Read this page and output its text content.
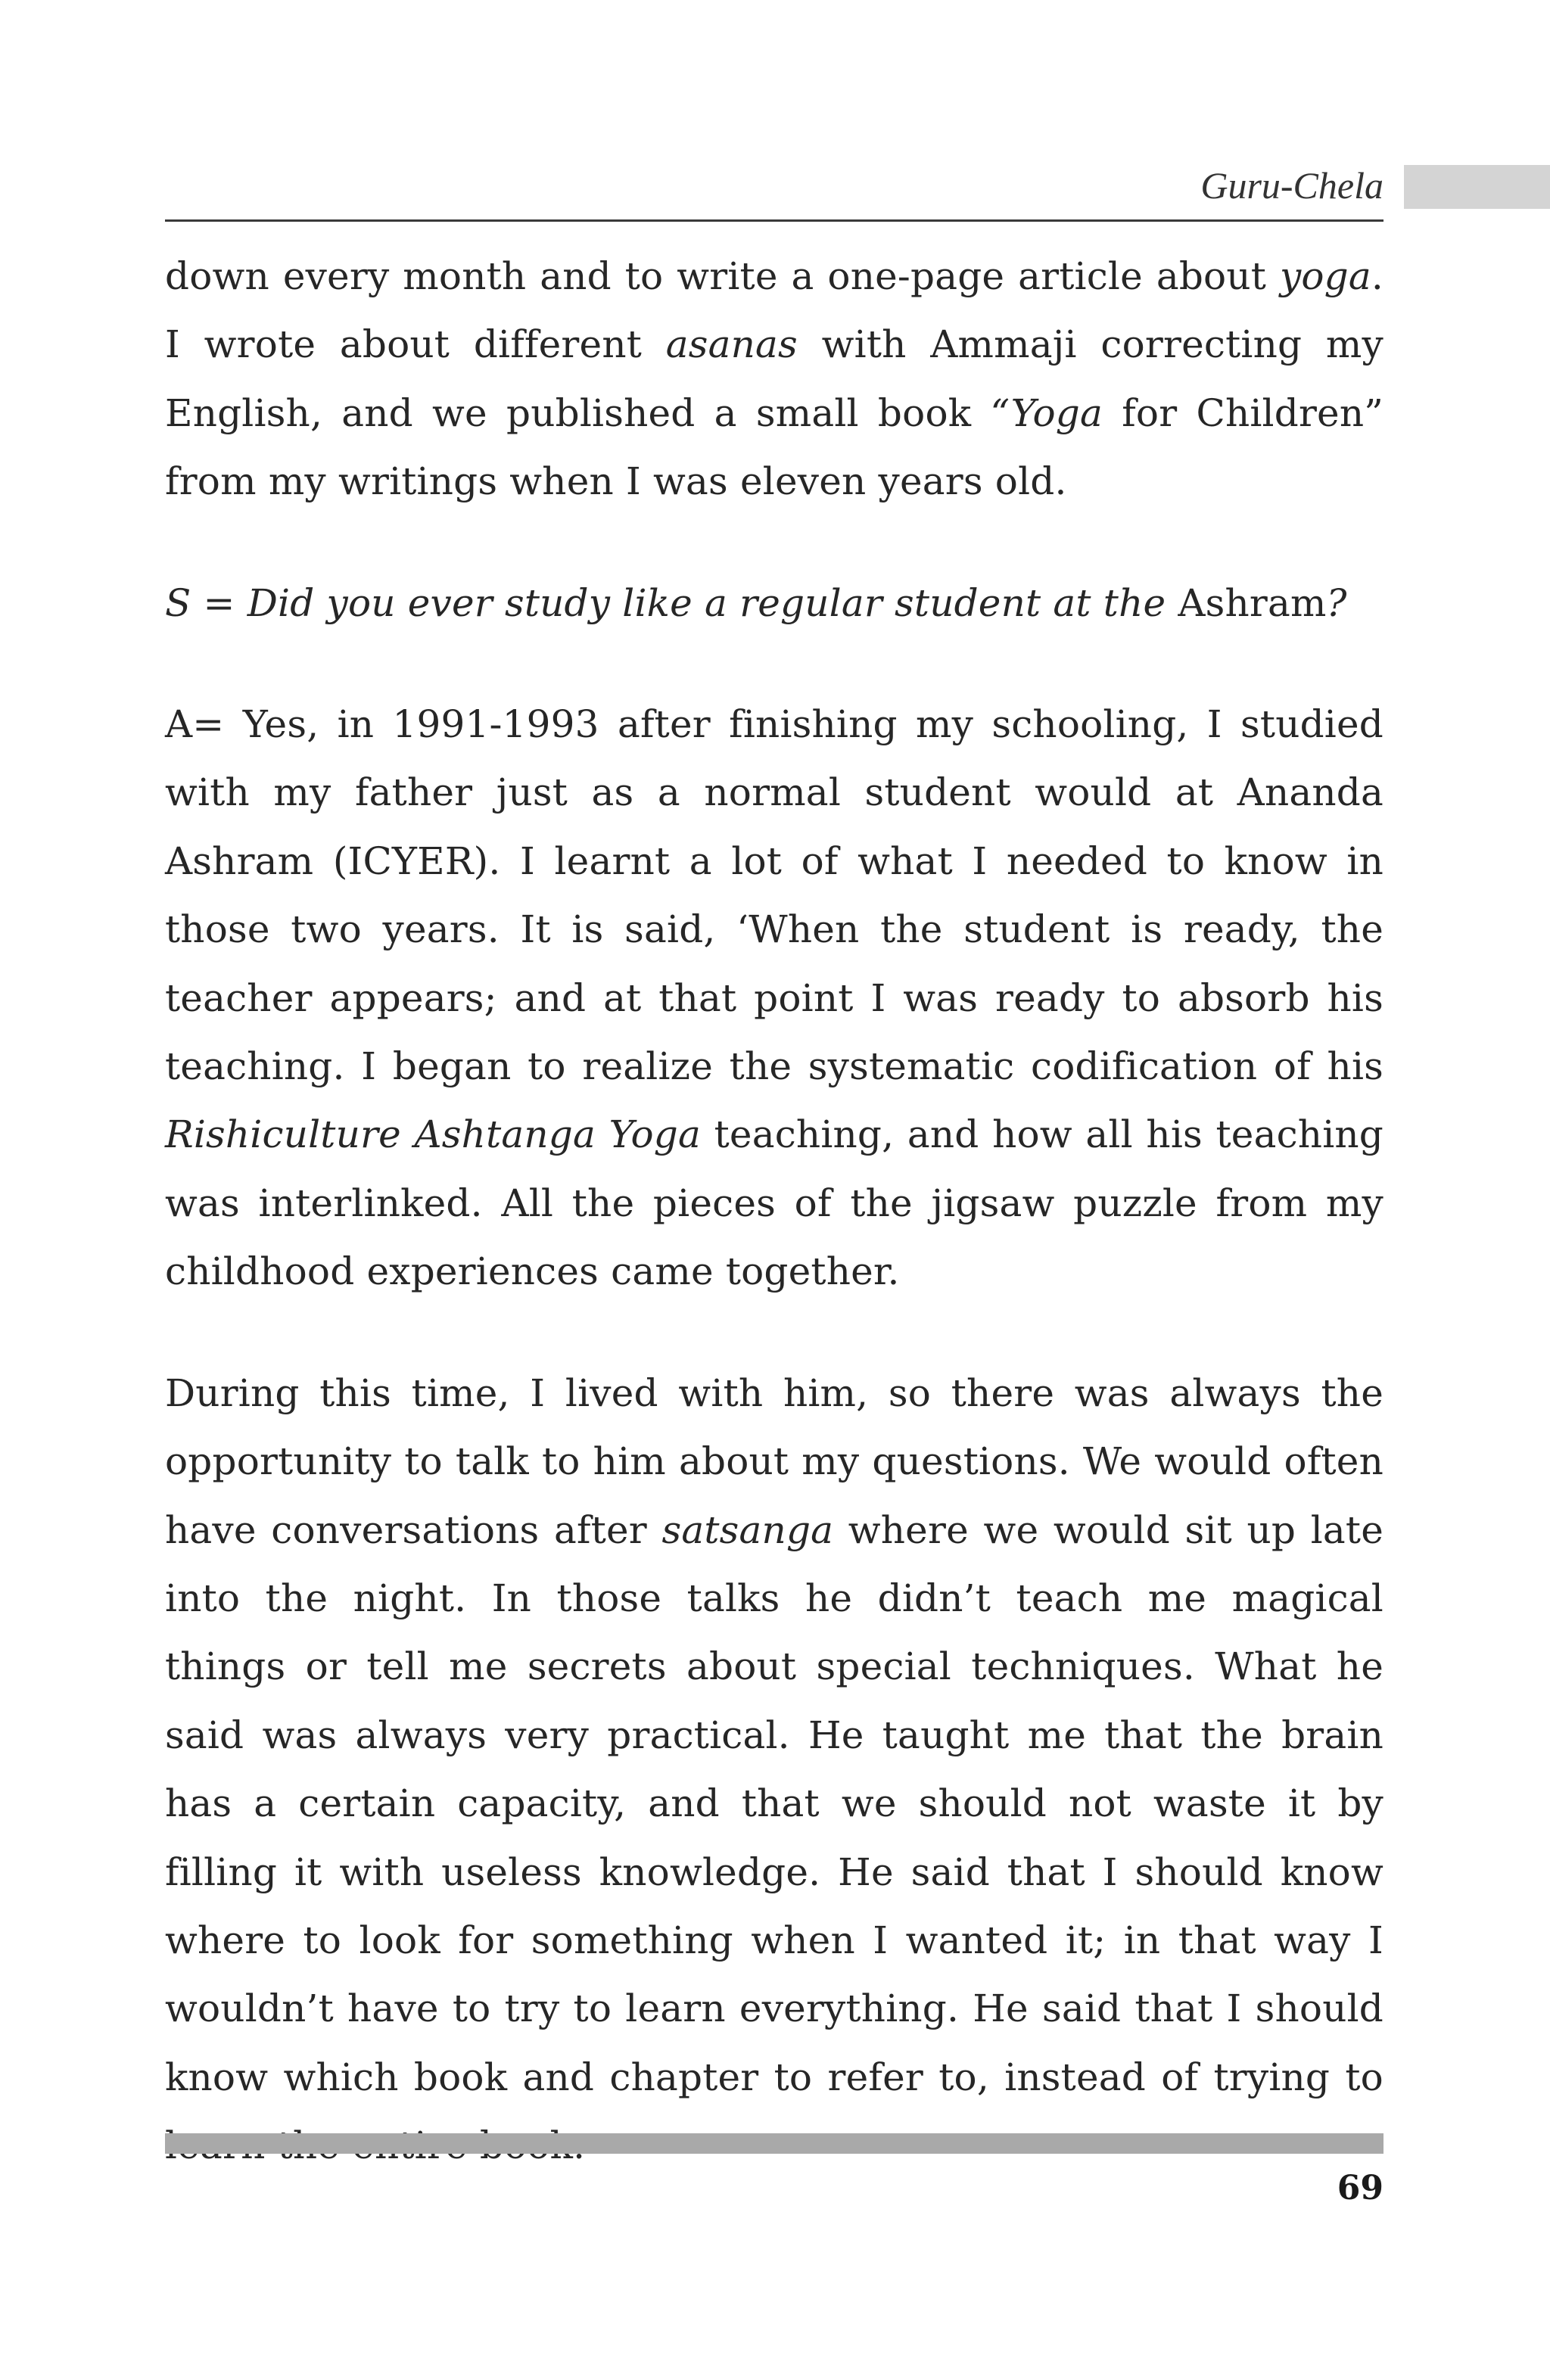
Guru-Chela

down every month and to write a one-page article about yoga. I wrote about different asanas with Ammaji correcting my English, and we published a small book “Yoga for Children” from my writings when I was eleven years old.

S = Did you ever study like a regular student at the Ashram?

A= Yes, in 1991-1993 after finishing my schooling, I studied with my father just as a normal student would at Ananda Ashram (ICYER). I learnt a lot of what I needed to know in those two years. It is said, ‘When the student is ready, the teacher appears; and at that point I was ready to absorb his teaching. I began to realize the systematic codification of his Rishiculture Ashtanga Yoga teaching, and how all his teaching was interlinked. All the pieces of the jigsaw puzzle from my childhood experiences came together.

During this time, I lived with him, so there was always the opportunity to talk to him about my questions. We would often have conversations after satsanga where we would sit up late into the night. In those talks he didn’t teach me magical things or tell me secrets about special techniques. What he said was always very practical. He taught me that the brain has a certain capacity, and that we should not waste it by filling it with useless knowledge. He said that I should know where to look for something when I wanted it; in that way I wouldn’t have to try to learn everything. He said that I should know which book and chapter to refer to, instead of trying to

69
